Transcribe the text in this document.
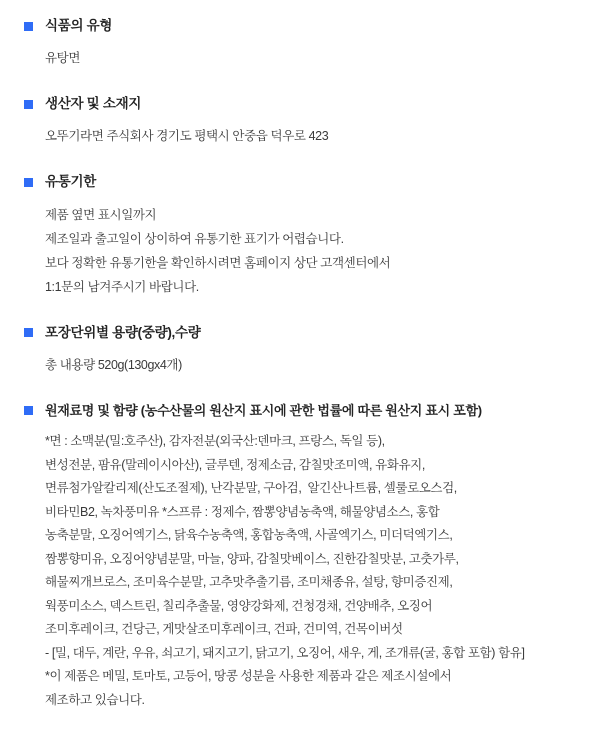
식품의 유형
유탕면
생산자 및 소재지
오뚜기라면 주식회사 경기도 평택시 안중읍 덕우로 423
유통기한
제품 옆면 표시일까지
제조일과 출고일이 상이하여 유통기한 표기가 어렵습니다.
보다 정확한 유통기한을 확인하시려면 홈페이지 상단 고객센터에서
1:1문의 남겨주시기 바랍니다.
포장단위별 용량(중량),수량
총 내용량 520g(130gx4개)
원재료명 및 함량 (농수산물의 원산지 표시에 관한 법률에 따른 원산지 표시 포함)
*면 : 소맥분(밀:호주산), 감자전분(외국산:덴마크, 프랑스, 독일 등),
변성전분, 팜유(말레이시아산), 글루텐, 정제소금, 감칠맛조미액, 유화유지,
면류첨가알칼리제(산도조절제), 난각분말, 구아검,  알긴산나트륨, 셀룰로오스검,
비타민B2, 녹차풍미유 *스프류 : 정제수, 짬뽕양념농축액, 해물양념소스, 홍합
농축분말, 오징어엑기스, 닭육수농축액, 홍합농축액, 사골엑기스, 미더덕엑기스,
짬뽕향미유, 오징어양념분말, 마늘, 양파, 감칠맛베이스, 진한감칠맛분, 고춧가루,
해물찌개브로스, 조미육수분말, 고추맛추출기름, 조미채종유, 설탕, 향미증진제,
웍풍미소스, 덱스트린, 칠리추출물, 영양강화제, 건청경채, 건양배추, 오징어
조미후레이크, 건당근, 게맛살조미후레이크, 건파, 건미역, 건목이버섯
- [밀, 대두, 계란, 우유, 쇠고기, 돼지고기, 닭고기, 오징어, 새우, 게, 조개류(굴, 홍합 포함) 함유]
*이 제품은 메밀, 토마토, 고등어, 땅콩 성분을 사용한 제품과 같은 제조시설에서
제조하고 있습니다.
